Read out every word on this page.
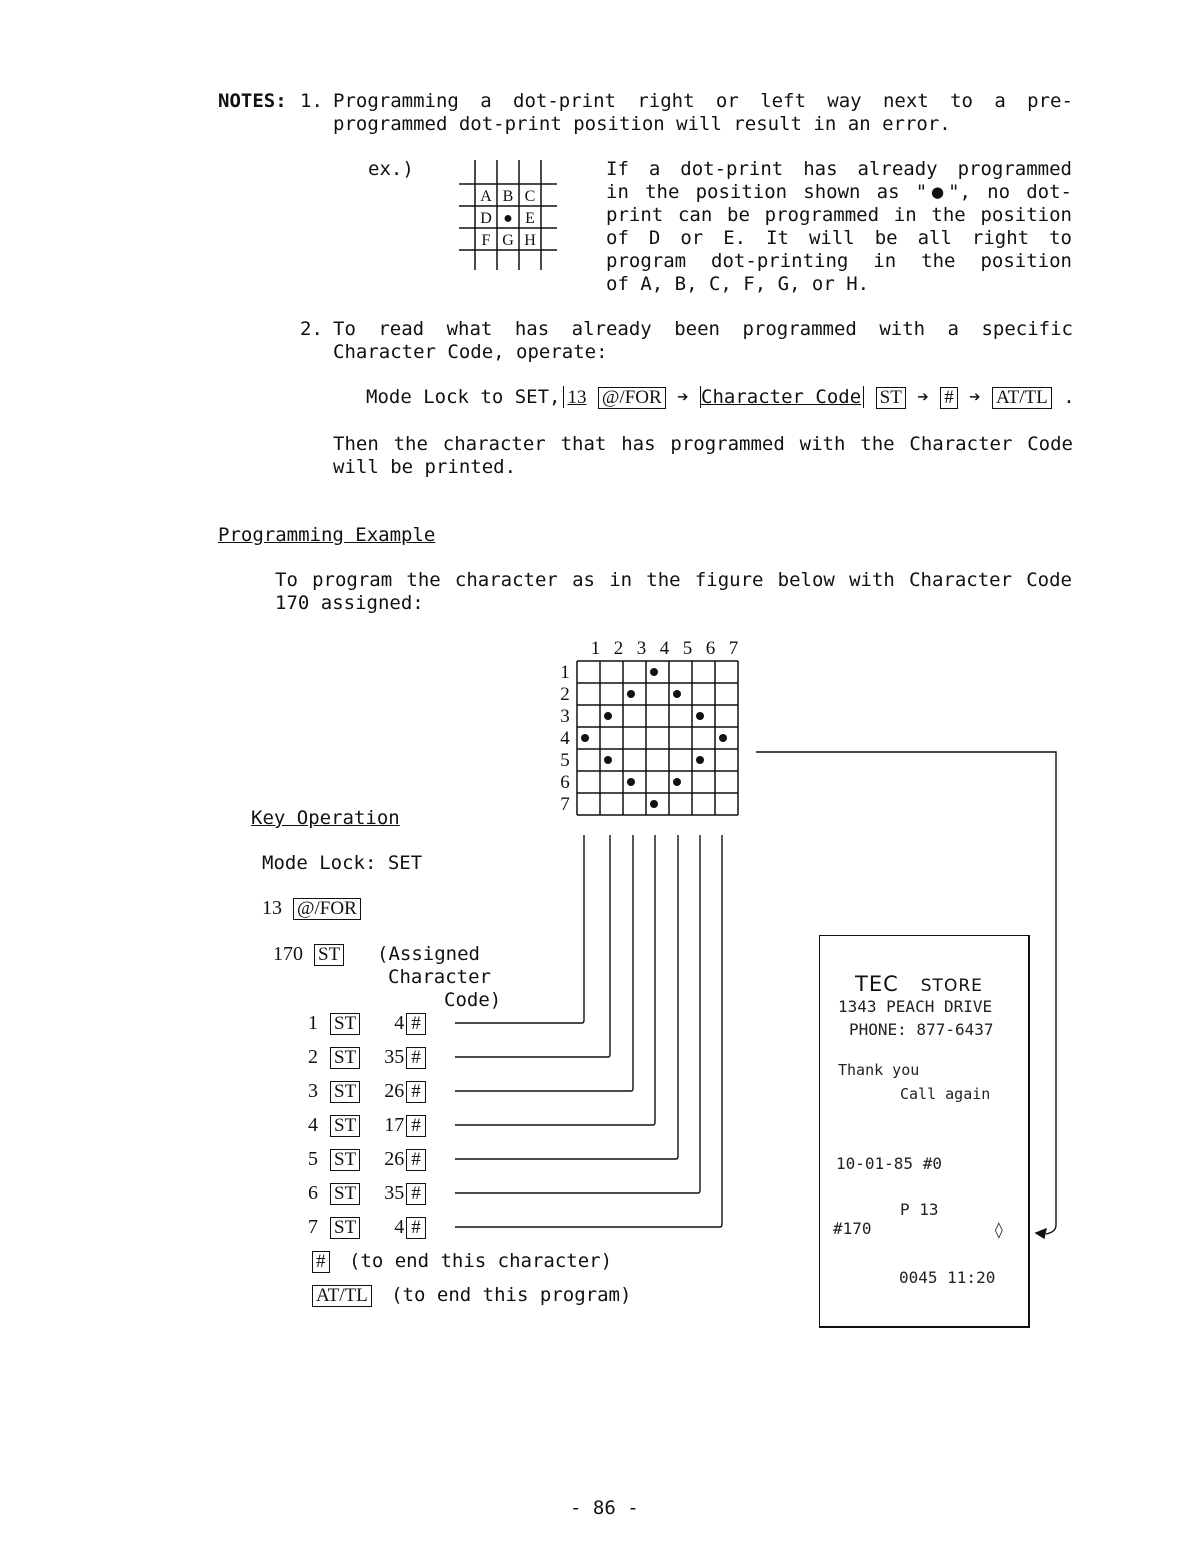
NOTES: 1. Programming a dot-print right or left way next to a pre-
programmed dot-print position will result in an error.
ex.)
A B C
D ● E
F G H
If a dot-print has already programmed
in the position shown as "●", no dot-
print can be programmed in the position
of D or E. It will be all right to
program dot-printing in the position
of A, B, C, F, G, or H.
2. To read what has already been programmed with a specific
Character Code, operate:
Mode Lock to SET, 13 @/FOR ➔ Character Code ST ➔ # ➔ AT/TL .
Then the character that has programmed with the Character Code
will be printed.
Programming Example
To program the character as in the figure below with Character Code
170 assigned:
1 2 3 4 5 6 7
1
2
3
4
5
6
7
Key Operation
Mode Lock: SET
13 @/FOR
170 ST (Assigned
Character
Code)
1 ST 4 #
2 ST 35 #
3 ST 26 #
4 ST 17 #
5 ST 26 #
6 ST 35 #
7 ST 4 #
# (to end this character)
AT/TL (to end this program)
TEC STORE
1343 PEACH DRIVE
PHONE: 877-6437
Thank you
Call again
10-01-85 #0
P 13
#170	◊
0045 11:20
- 86 -
